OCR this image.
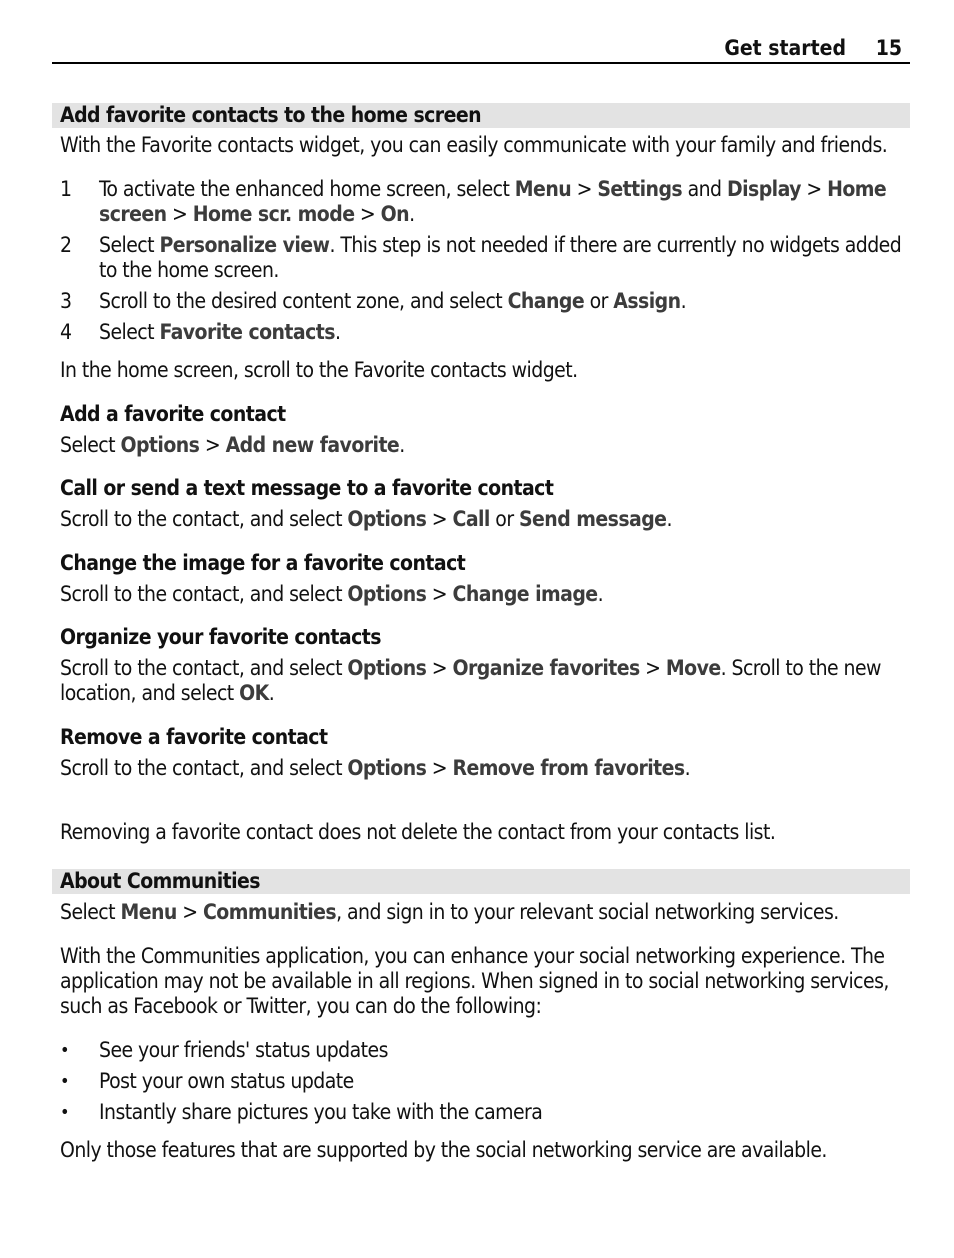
Get started 15
Add favorite contacts to the home screen
With the Favorite contacts widget, you can easily communicate with your family and friends.
1 To activate the enhanced home screen, select Menu > Settings and Display > Home screen > Home scr. mode > On.
2 Select Personalize view. This step is not needed if there are currently no widgets added to the home screen.
3 Scroll to the desired content zone, and select Change or Assign.
4 Select Favorite contacts.
In the home screen, scroll to the Favorite contacts widget.
Add a favorite contact
Select Options > Add new favorite.
Call or send a text message to a favorite contact
Scroll to the contact, and select Options > Call or Send message.
Change the image for a favorite contact
Scroll to the contact, and select Options > Change image.
Organize your favorite contacts
Scroll to the contact, and select Options > Organize favorites > Move. Scroll to the new location, and select OK.
Remove a favorite contact
Scroll to the contact, and select Options > Remove from favorites.
Removing a favorite contact does not delete the contact from your contacts list.
About Communities
Select Menu > Communities, and sign in to your relevant social networking services.
With the Communities application, you can enhance your social networking experience. The application may not be available in all regions. When signed in to social networking services, such as Facebook or Twitter, you can do the following:
• See your friends' status updates
• Post your own status update
• Instantly share pictures you take with the camera
Only those features that are supported by the social networking service are available.
